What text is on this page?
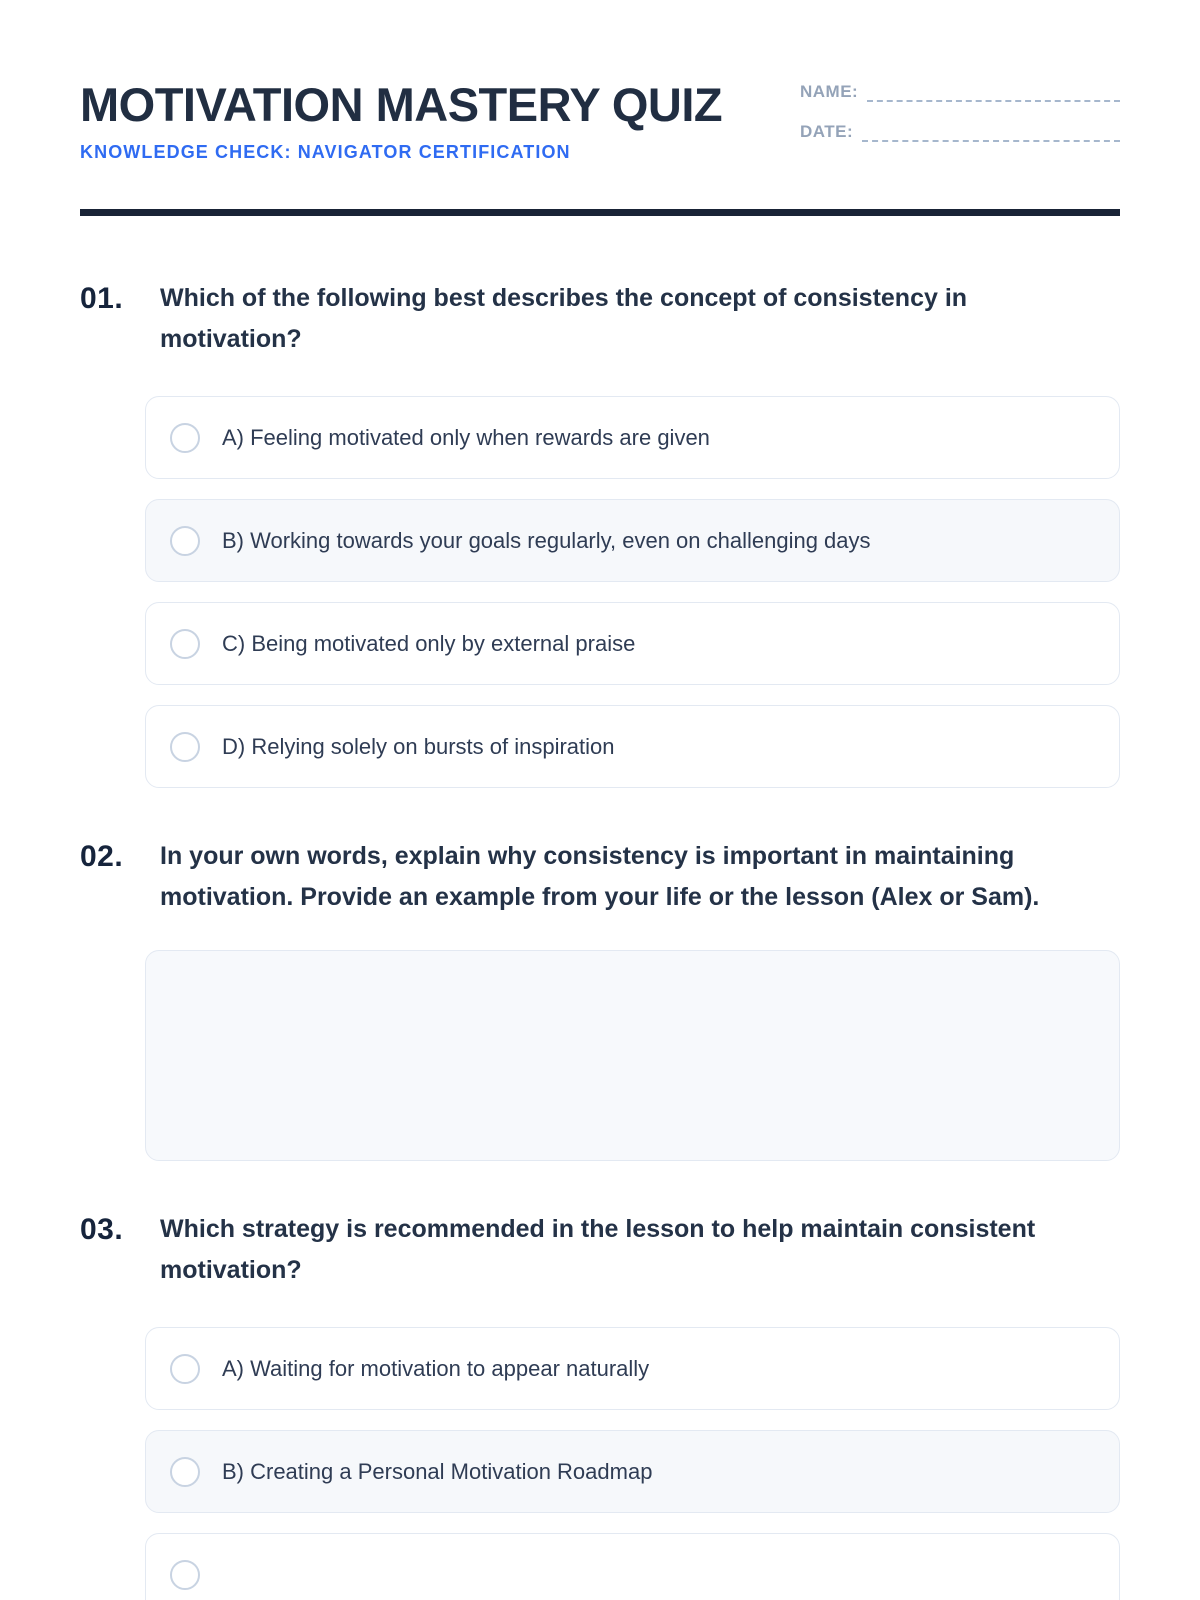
MOTIVATION MASTERY QUIZ
KNOWLEDGE CHECK: NAVIGATOR CERTIFICATION
NAME:
DATE:
01.	Which of the following best describes the concept of consistency in motivation?
A) Feeling motivated only when rewards are given
B) Working towards your goals regularly, even on challenging days
C) Being motivated only by external praise
D) Relying solely on bursts of inspiration
02.	In your own words, explain why consistency is important in maintaining motivation. Provide an example from your life or the lesson (Alex or Sam).
03.	Which strategy is recommended in the lesson to help maintain consistent motivation?
A) Waiting for motivation to appear naturally
B) Creating a Personal Motivation Roadmap
